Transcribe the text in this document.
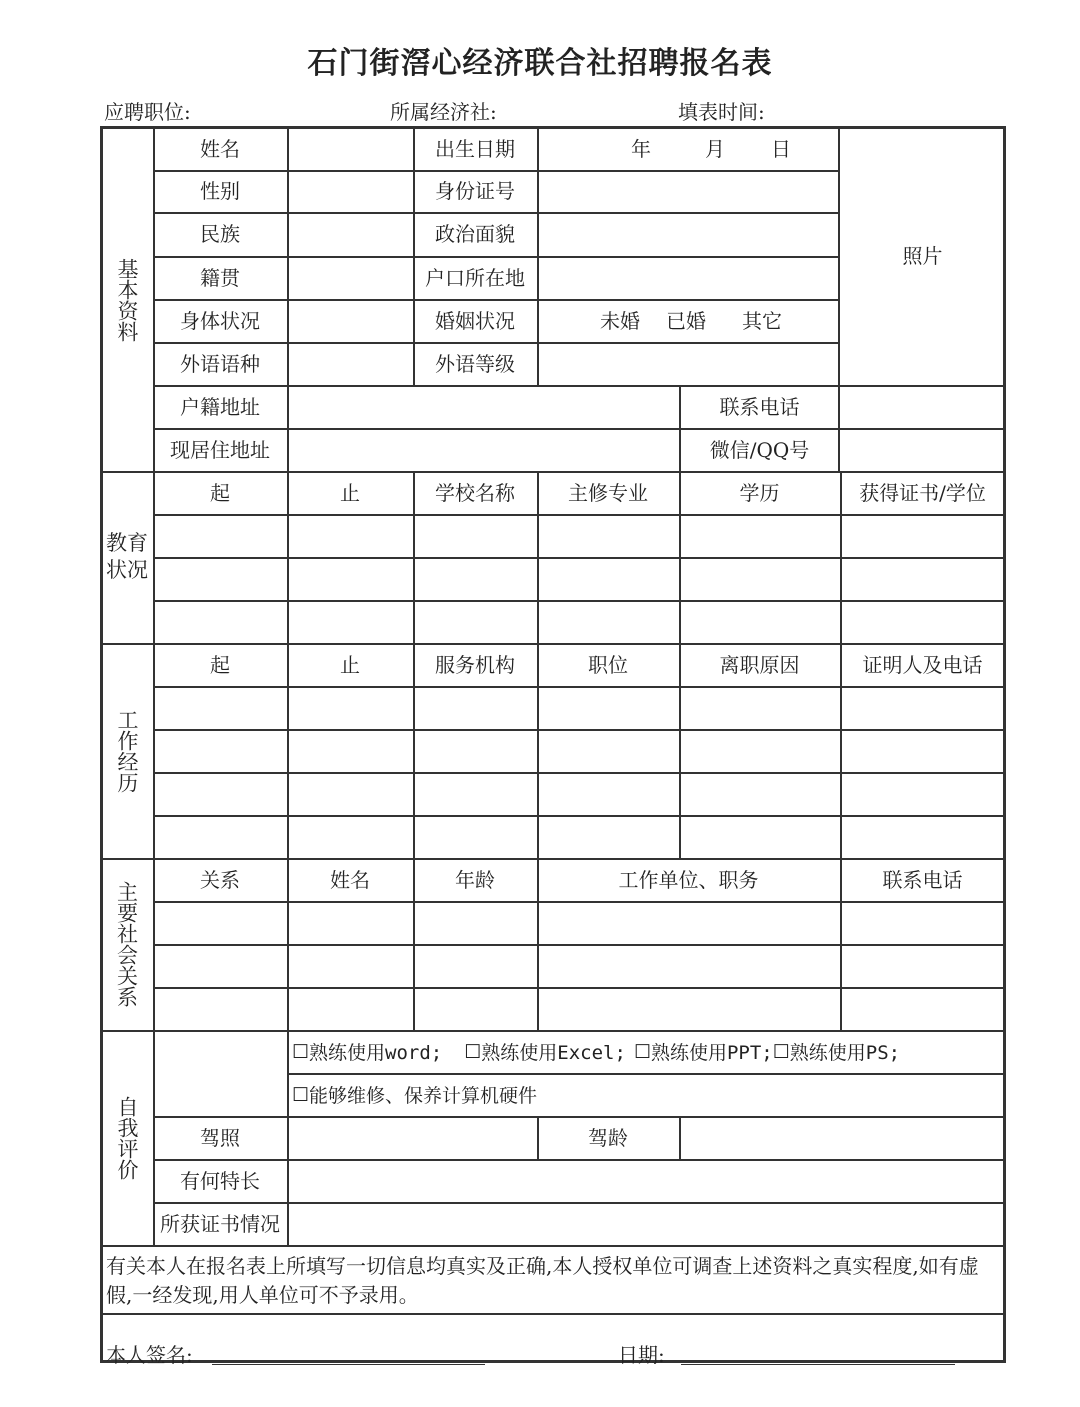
石门街滘心经济联合社招聘报名表
应聘职位:	所属经济社:	填表时间:
基本资料
教育状况
工作经历
主要社会关系
自我评价
姓名	出生日期	年	月 日
性别	身份证号
民族	政治面貌
照片
籍贯	户口所在地
身体状况	婚姻状况	未婚 已婚 其它
外语语种	外语等级
户籍地址	联系电话
现居住地址	微信/QQ号
起	止	学校名称	主修专业	学历	获得证书/学位
起	止	服务机构	职位	离职原因	证明人及电话
关系	姓名	年龄	工作单位、职务	联系电话
☐ 熟练使用word; ☐ 熟练使用Excel; ☐ 熟练使用PPT; ☐ 熟练使用PS;
☐ 能够维修、保养计算机硬件
驾照	驾龄
有何特长
所获证书情况
有关本人在报名表上所填写一切信息均真实及正确,本人授权单位可调查上述资料之真实程度,如有虚假,一经发现,用人单位可不予录用。
本人签名:	日期:
